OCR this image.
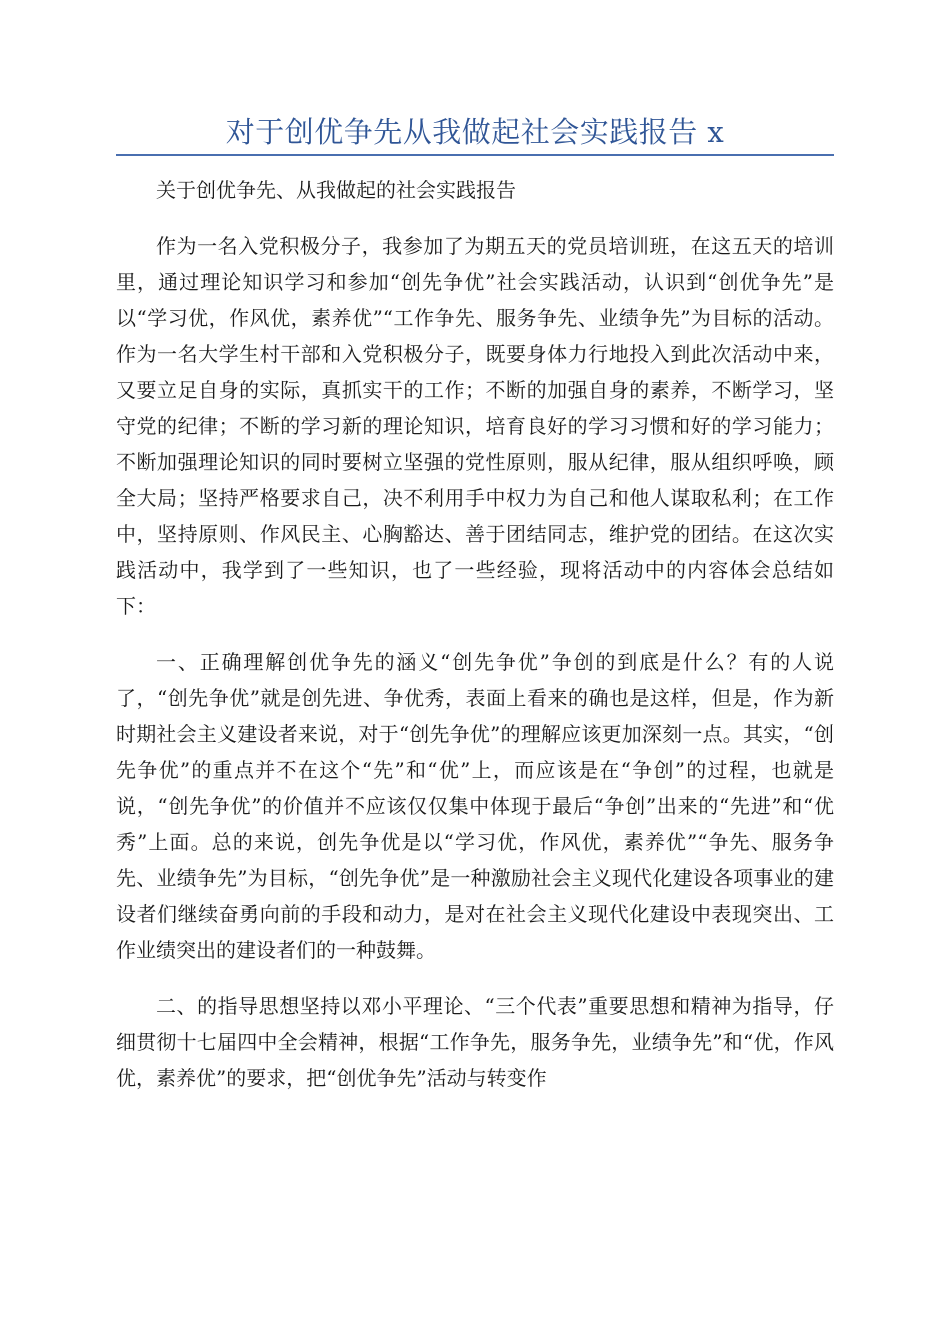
对于创优争先从我做起社会实践报告 x

关于创优争先、从我做起的社会实践报告

作为一名入党积极分子，我参加了为期五天的党员培训班，在这五天的培训里，通过理论知识学习和参加“创先争优”社会实践活动，认识到“创优争先”是以“学习优，作风优，素养优”“工作争先、服务争先、业绩争先”为目标的活动。作为一名大学生村干部和入党积极分子，既要身体力行地投入到此次活动中来，又要立足自身的实际，真抓实干的工作；不断的加强自身的素养，不断学习，坚守党的纪律；不断的学习新的理论知识，培育良好的学习习惯和好的学习能力；不断加强理论知识的同时要树立坚强的党性原则，服从纪律，服从组织呼唤，顾全大局；坚持严格要求自己，决不利用手中权力为自己和他人谋取私利；在工作中，坚持原则、作风民主、心胸豁达、善于团结同志，维护党的团结。在这次实践活动中，我学到了一些知识，也了一些经验，现将活动中的内容体会总结如下：

一、正确理解创优争先的涵义“创先争优”争创的到底是什么？有的人说了，“创先争优”就是创先进、争优秀，表面上看来的确也是这样，但是，作为新时期社会主义建设者来说，对于“创先争优”的理解应该更加深刻一点。其实，“创先争优”的重点并不在这个“先”和“优”上，而应该是在“争创”的过程，也就是说，“创先争优”的价值并不应该仅仅集中体现于最后“争创”出来的“先进”和“优秀”上面。总的来说，创先争优是以“学习优，作风优，素养优”“争先、服务争先、业绩争先”为目标，“创先争优”是一种激励社会主义现代化建设各项事业的建设者们继续奋勇向前的手段和动力，是对在社会主义现代化建设中表现突出、工作业绩突出的建设者们的一种鼓舞。

二、的指导思想坚持以邓小平理论、“三个代表”重要思想和精神为指导，仔细贯彻十七届四中全会精神，根据“工作争先，服务争先，业绩争先”和“优，作风优，素养优”的要求，把“创优争先”活动与转变作
